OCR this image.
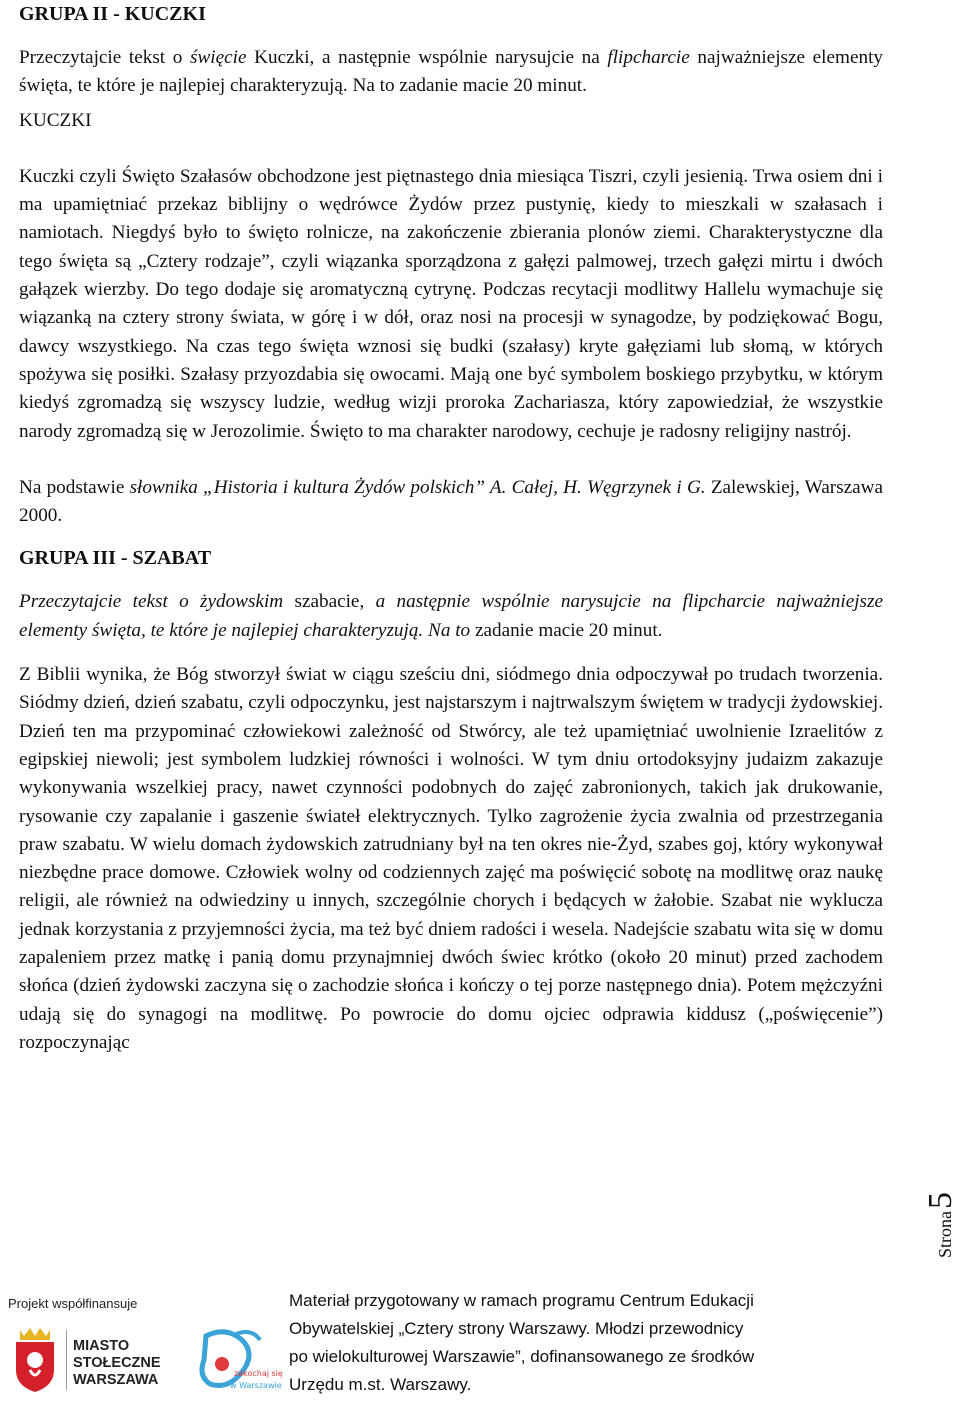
GRUPA II - KUCZKI

Przeczytajcie tekst o święcie Kuczki, a następnie wspólnie narysujcie na flipcharcie najważniejsze elementy święta, te które je najlepiej charakteryzują. Na to zadanie macie 20 minut.

KUCZKI

Kuczki czyli Święto Szałasów obchodzone jest piętnastego dnia miesiąca Tiszri, czyli jesienią. Trwa osiem dni i ma upamiętniać przekaz biblijny o wędrówce Żydów przez pustynię, kiedy to mieszkali w szałasach i namiotach. Niegdyś było to święto rolnicze, na zakończenie zbierania plonów ziemi. Charakterystyczne dla tego święta są „Cztery rodzaje”, czyli wiązanka sporządzona z gałęzi palmowej, trzech gałęzi mirtu i dwóch gałązek wierzby. Do tego dodaje się aromatyczną cytrynę. Podczas recytacji modlitwy Hallelu wymachuje się wiązanką na cztery strony świata, w górę i w dół, oraz nosi na procesji w synagodze, by podziękować Bogu, dawcy wszystkiego. Na czas tego święta wznosi się budki (szałasy) kryte gałęziami lub słomą, w których spożywa się posiłki. Szałasy przyozdabia się owocami. Mają one być symbolem boskiego przybytku, w którym kiedyś zgromadzą się wszyscy ludzie, według wizji proroka Zachariasza, który zapowiedział, że wszystkie narody zgromadzą się w Jerozolimie. Święto to ma charakter narodowy, cechuje je radosny religijny nastrój.

Na podstawie słownika „Historia i kultura Żydów polskich” A. Całej, H. Węgrzynek i G. Zalewskiej, Warszawa 2000.

GRUPA III - SZABAT

Przeczytajcie tekst o żydowskim szabacie, a następnie wspólnie narysujcie na flipcharcie najważniejsze elementy święta, te które je najlepiej charakteryzują. Na to zadanie macie 20 minut.

Z Biblii wynika, że Bóg stworzył świat w ciągu sześciu dni, siódmego dnia odpoczywał po trudach tworzenia. Siódmy dzień, dzień szabatu, czyli odpoczynku, jest najstarszym i najtrwalszym świętem w tradycji żydowskiej. Dzień ten ma przypominać człowiekowi zależność od Stwórcy, ale też upamiętniać uwolnienie Izraelitów z egipskiej niewoli; jest symbolem ludzkiej równości i wolności. W tym dniu ortodoksyjny judaizm zakazuje wykonywania wszelkiej pracy, nawet czynności podobnych do zajęć zabronionych, takich jak drukowanie, rysowanie czy zapalanie i gaszenie świateł elektrycznych. Tylko zagrożenie życia zwalnia od przestrzegania praw szabatu. W wielu domach żydowskich zatrudniany był na ten okres nie-Żyd, szabes goj, który wykonywał niezbędne prace domowe. Człowiek wolny od codziennych zajęć ma poświęcić sobotę na modlitwę oraz naukę religii, ale również na odwiedziny u innych, szczególnie chorych i będących w żałobie. Szabat nie wyklucza jednak korzystania z przyjemności życia, ma też być dniem radości i wesela. Nadejście szabatu wita się w domu zapaleniem przez matkę i panią domu przynajmniej dwóch świec krótko (około 20 minut) przed zachodem słońca (dzień żydowski zaczyna się o zachodzie słońca i kończy o tej porze następnego dnia). Potem mężczyźni udają się do synagogi na modlitwę. Po powrocie do domu ojciec odprawia kiddusz („poświęcenie”) rozpoczynając

Strona5
Projekt współfinansuje
MIASTO
STOŁECZNE
WARSZAWA	zakochaj się
w Warszawie
Materiał przygotowany w ramach programu Centrum Edukacji
Obywatelskiej „Cztery strony Warszawy. Młodzi przewodnicy
po wielokulturowej Warszawie”, dofinansowanego ze środków
Urzędu m.st. Warszawy.
